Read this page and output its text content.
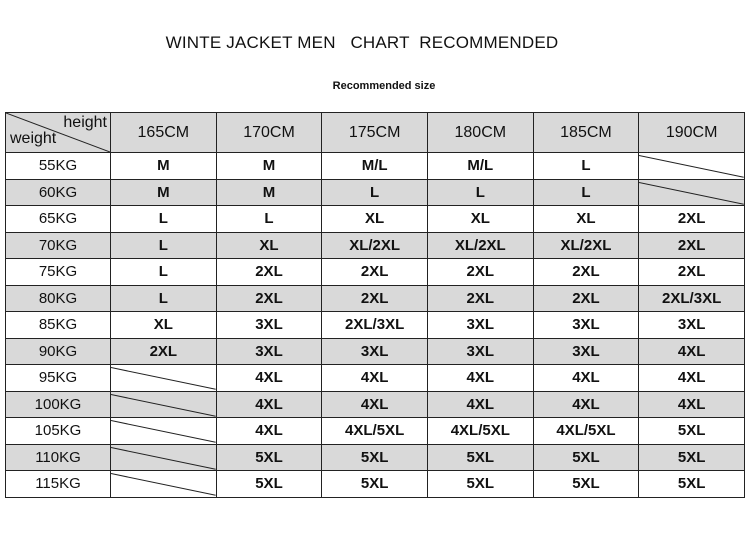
WINTE JACKET MEN   CHART  RECOMMENDED
Recommended size
height
weight	165CM	170CM	175CM	180CM	185CM	190CM
55KG	M	M	M/L	M/L	L	

60KG	M	M	L	L	L	

65KG	L	L	XL	XL	XL	2XL
70KG	L	XL	XL/2XL	XL/2XL	XL/2XL	2XL
75KG	L	2XL	2XL	2XL	2XL	2XL
80KG	L	2XL	2XL	2XL	2XL	2XL/3XL
85KG	XL	3XL	2XL/3XL	3XL	3XL	3XL
90KG	2XL	3XL	3XL	3XL	3XL	4XL
95KG		4XL	4XL	4XL	4XL	4XL
100KG		4XL	4XL	4XL	4XL	4XL
105KG		4XL	4XL/5XL	4XL/5XL	4XL/5XL	5XL
110KG		5XL	5XL	5XL	5XL	5XL
115KG		5XL	5XL	5XL	5XL	5XL
